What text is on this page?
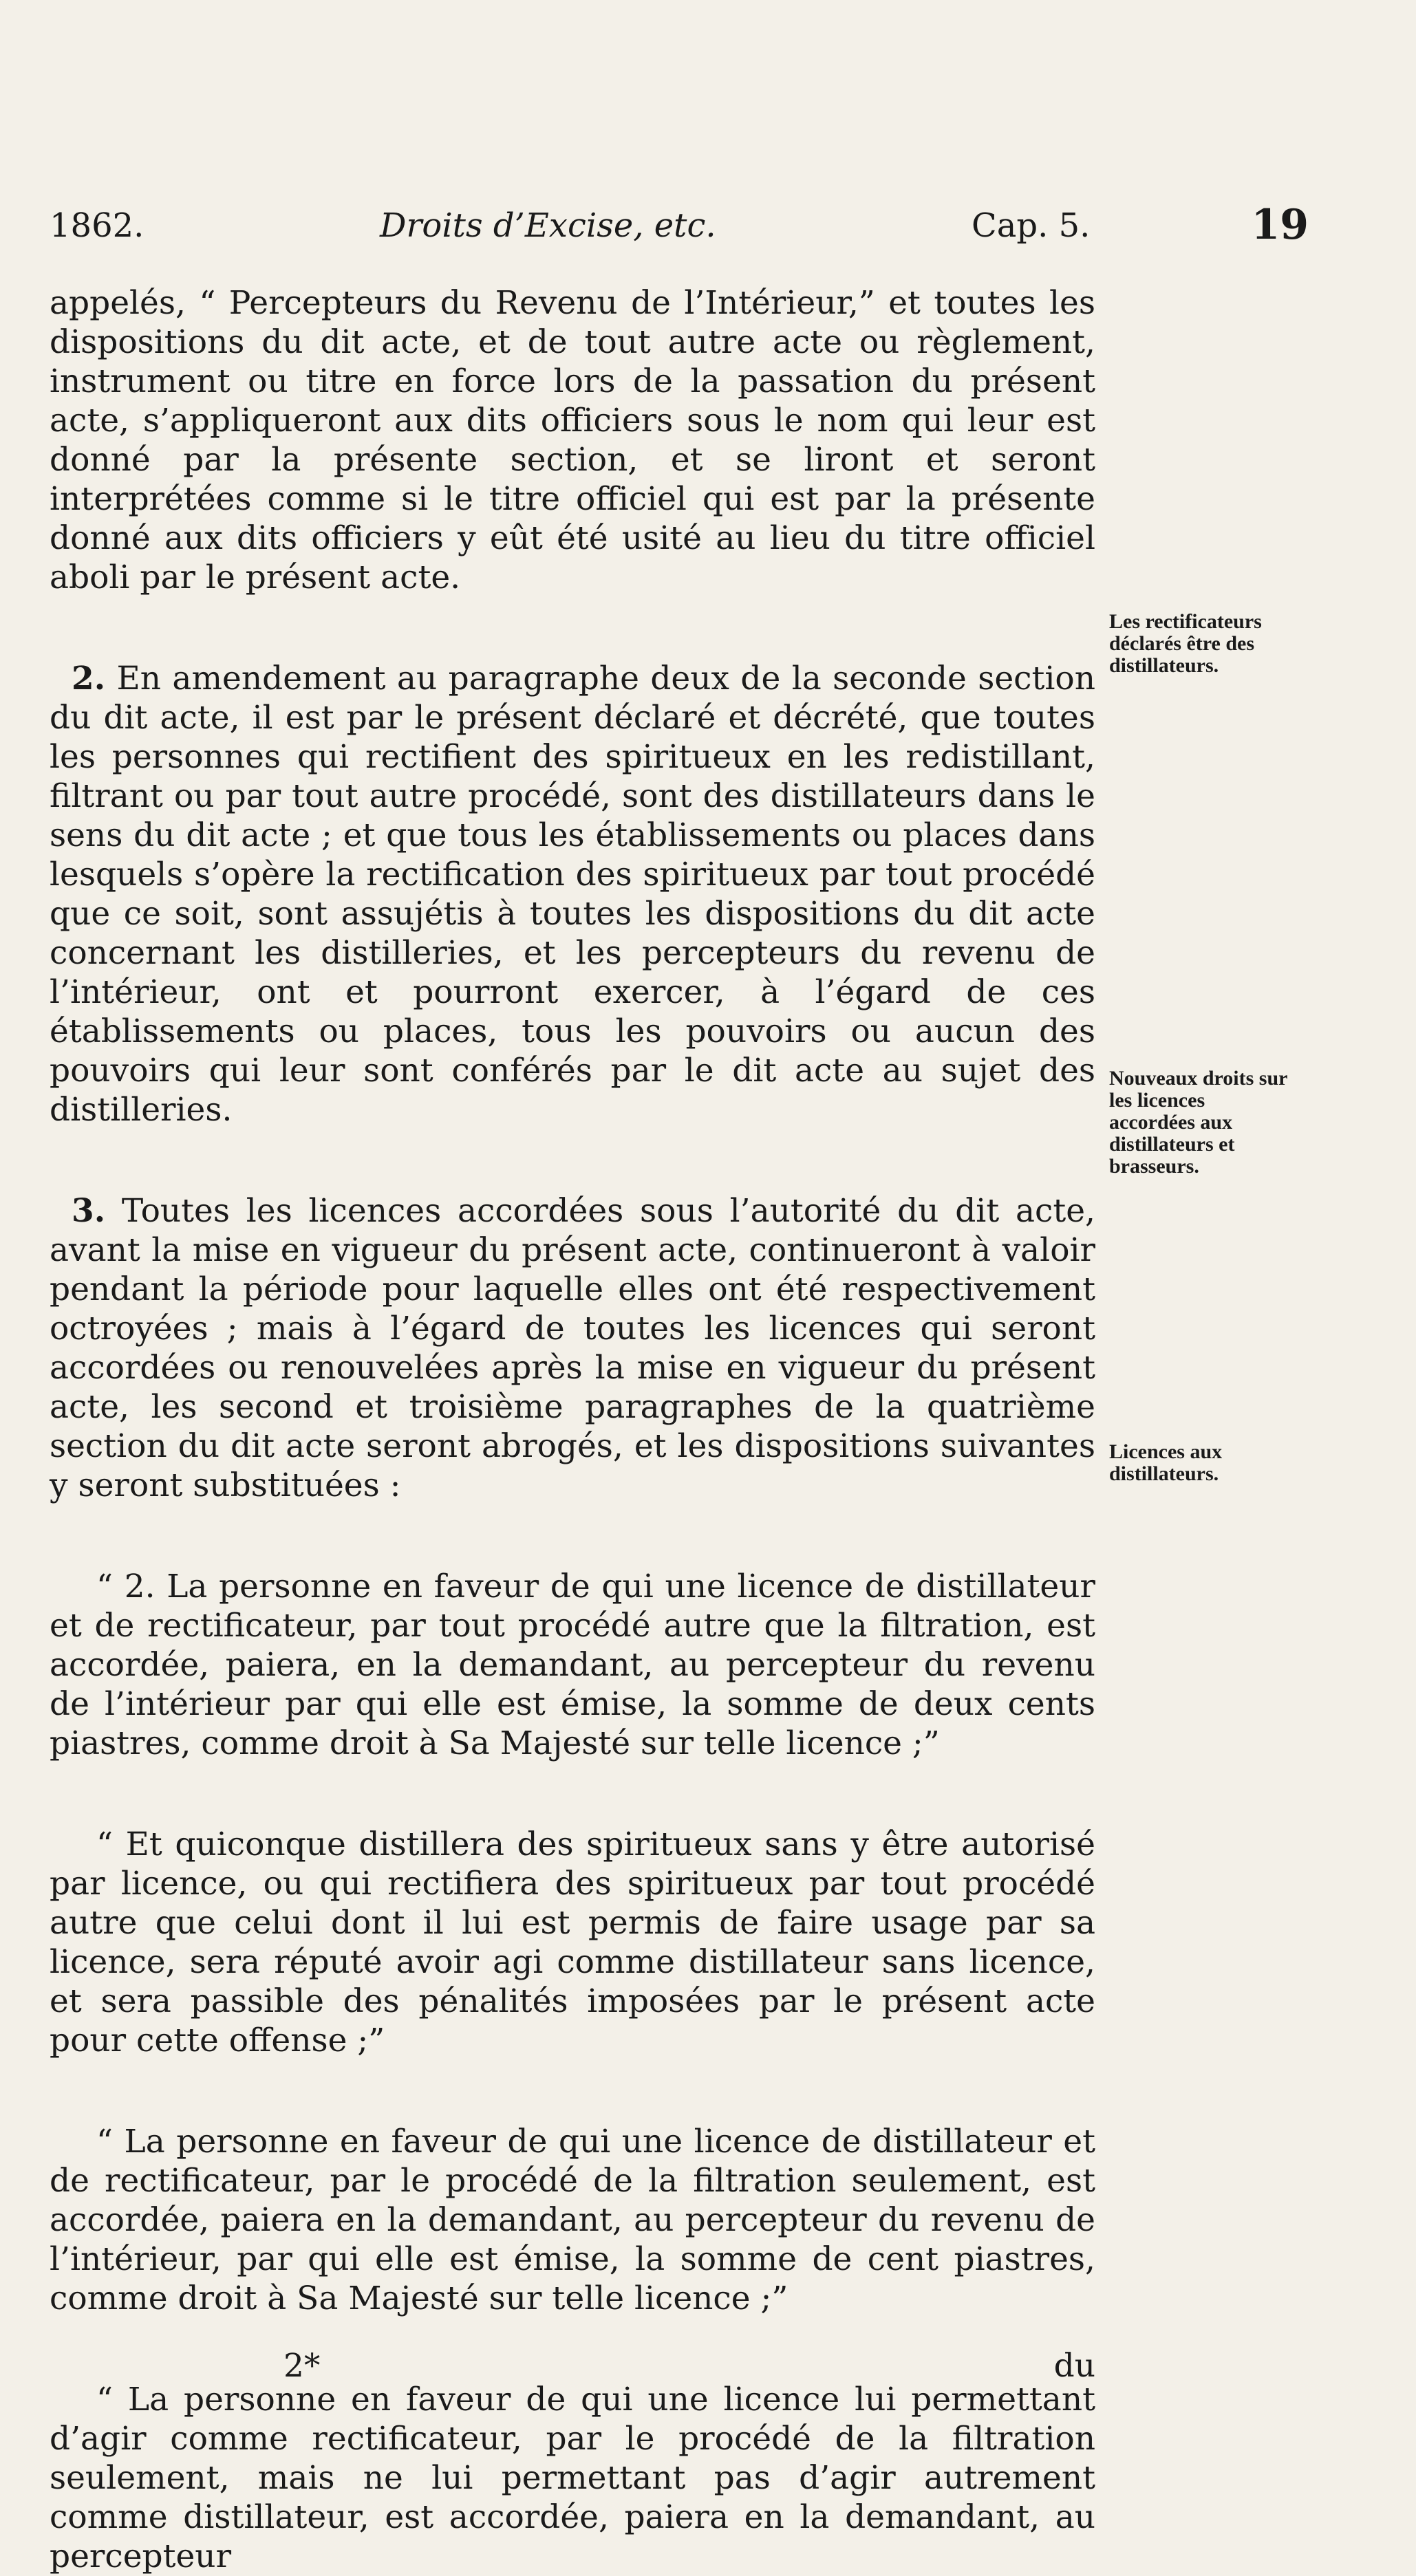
1862.	Droits d’Excise, etc.	Cap. 5.	19

appelés, “ Percepteurs du Revenu de l’Intérieur,” et toutes les dispositions du dit acte, et de tout autre acte ou règlement, instrument ou titre en force lors de la passation du présent acte, s’appliqueront aux dits officiers sous le nom qui leur est donné par la présente section, et se liront et seront interprétées comme si le titre officiel qui est par la présente donné aux dits officiers y eût été usité au lieu du titre officiel aboli par le présent acte.

2. En amendement au paragraphe deux de la seconde section du dit acte, il est par le présent déclaré et décrété, que toutes les personnes qui rectifient des spiritueux en les redistillant, filtrant ou par tout autre procédé, sont des distillateurs dans le sens du dit acte ; et que tous les établissements ou places dans lesquels s’opère la rectification des spiritueux par tout procédé que ce soit, sont assujétis à toutes les dispositions du dit acte concernant les distilleries, et les percepteurs du revenu de l’intérieur, ont et pourront exercer, à l’égard de ces établissements ou places, tous les pouvoirs ou aucun des pouvoirs qui leur sont conférés par le dit acte au sujet des distilleries.

3. Toutes les licences accordées sous l’autorité du dit acte, avant la mise en vigueur du présent acte, continueront à valoir pendant la période pour laquelle elles ont été respectivement octroyées ; mais à l’égard de toutes les licences qui seront accordées ou renouvelées après la mise en vigueur du présent acte, les second et troisième paragraphes de la quatrième section du dit acte seront abrogés, et les dispositions suivantes y seront substituées :

“ 2. La personne en faveur de qui une licence de distillateur et de rectificateur, par tout procédé autre que la filtration, est accordée, paiera, en la demandant, au percepteur du revenu de l’intérieur par qui elle est émise, la somme de deux cents piastres, comme droit à Sa Majesté sur telle licence ;”

“ Et quiconque distillera des spiritueux sans y être autorisé par licence, ou qui rectifiera des spiritueux par tout procédé autre que celui dont il lui est permis de faire usage par sa licence, sera réputé avoir agi comme distillateur sans licence, et sera passible des pénalités imposées par le présent acte pour cette offense ;”

“ La personne en faveur de qui une licence de distillateur et de rectificateur, par le procédé de la filtration seulement, est accordée, paiera en la demandant, au percepteur du revenu de l’intérieur, par qui elle est émise, la somme de cent piastres, comme droit à Sa Majesté sur telle licence ;”

“ La personne en faveur de qui une licence lui permettant d’agir comme rectificateur, par le procédé de la filtration seulement, mais ne lui permettant pas d’agir autrement comme distillateur, est accordée, paiera en la demandant, au percepteur

Les rectificateurs déclarés être des distillateurs.
Nouveaux droits sur les licences accordées aux distillateurs et brasseurs.
Licences aux distillateurs.
2*	du
